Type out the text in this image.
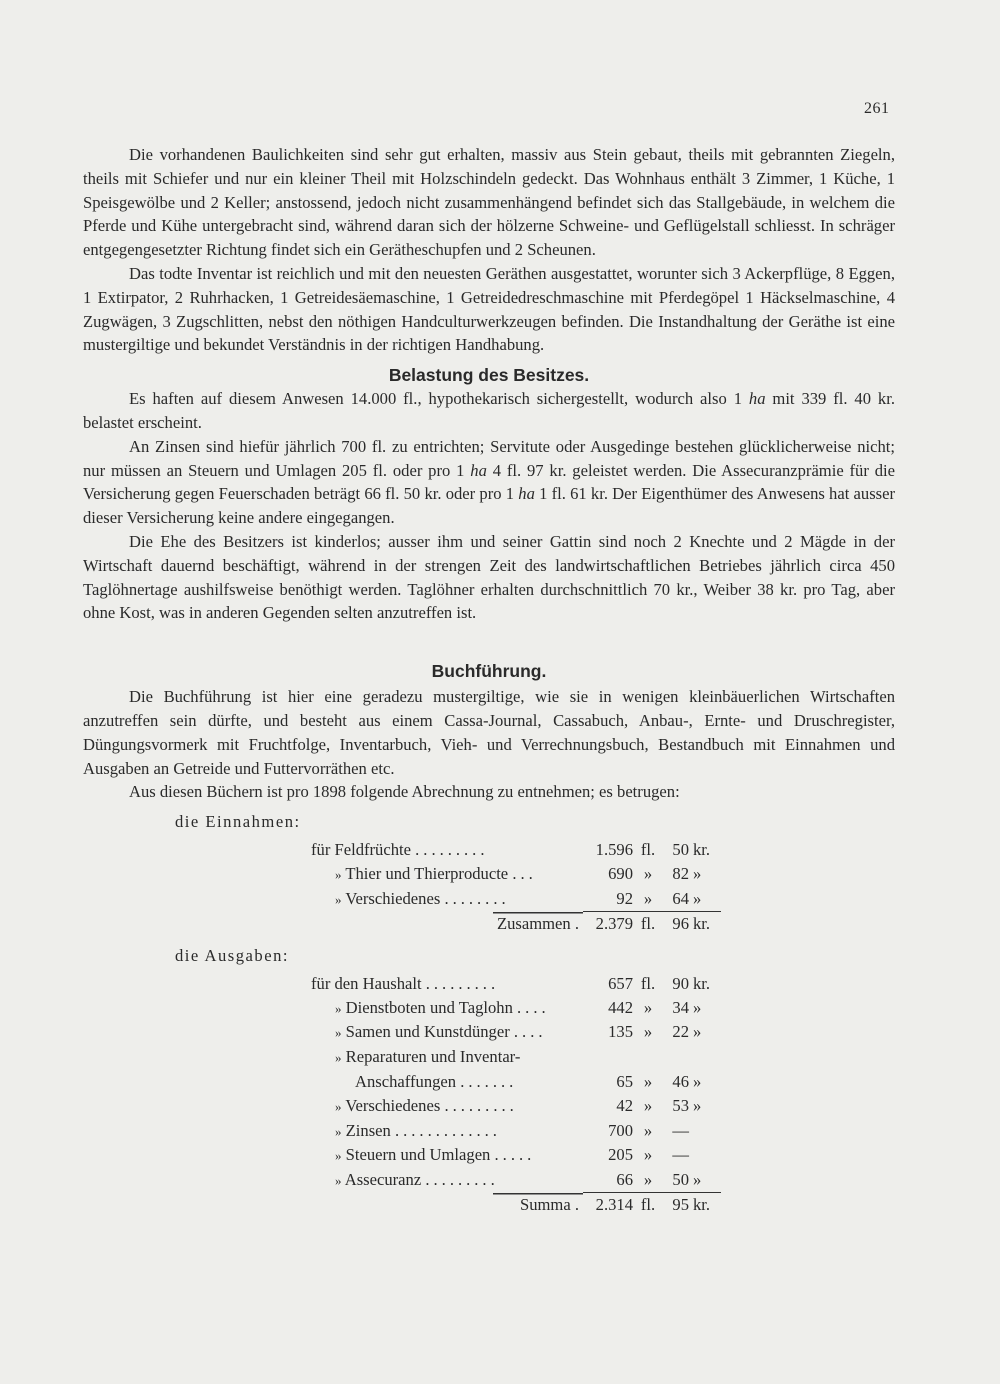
261

Die vorhandenen Baulichkeiten sind sehr gut erhalten, massiv aus Stein gebaut, theils mit gebrannten Ziegeln, theils mit Schiefer und nur ein kleiner Theil mit Holzschindeln gedeckt. Das Wohnhaus enthält 3 Zimmer, 1 Küche, 1 Speisgewölbe und 2 Keller; anstossend, jedoch nicht zusammenhängend befindet sich das Stallgebäude, in welchem die Pferde und Kühe untergebracht sind, während daran sich der hölzerne Schweine- und Geflügelstall schliesst. In schräger entgegengesetzter Richtung findet sich ein Gerätheschupfen und 2 Scheunen.

Das todte Inventar ist reichlich und mit den neuesten Geräthen ausgestattet, worunter sich 3 Ackerpflüge, 8 Eggen, 1 Extirpator, 2 Ruhrhacken, 1 Getreidesäemaschine, 1 Getreidedreschmaschine mit Pferdegöpel 1 Häckselmaschine, 4 Zugwägen, 3 Zugschlitten, nebst den nöthigen Handculturwerkzeugen befinden. Die Instandhaltung der Geräthe ist eine mustergiltige und bekundet Verständnis in der richtigen Handhabung.

Belastung des Besitzes.

Es haften auf diesem Anwesen 14.000 fl., hypothekarisch sichergestellt, wodurch also 1 ha mit 339 fl. 40 kr. belastet erscheint.

An Zinsen sind hiefür jährlich 700 fl. zu entrichten; Servitute oder Ausgedinge bestehen glücklicherweise nicht; nur müssen an Steuern und Umlagen 205 fl. oder pro 1 ha 4 fl. 97 kr. geleistet werden. Die Assecuranzprämie für die Versicherung gegen Feuerschaden beträgt 66 fl. 50 kr. oder pro 1 ha 1 fl. 61 kr. Der Eigenthümer des Anwesens hat ausser dieser Versicherung keine andere eingegangen.

Die Ehe des Besitzers ist kinderlos; ausser ihm und seiner Gattin sind noch 2 Knechte und 2 Mägde in der Wirtschaft dauernd beschäftigt, während in der strengen Zeit des landwirtschaftlichen Betriebes jährlich circa 450 Taglöhnertage aushilfsweise benöthigt werden. Taglöhner erhalten durchschnittlich 70 kr., Weiber 38 kr. pro Tag, aber ohne Kost, was in anderen Gegenden selten anzutreffen ist.

Buchführung.

Die Buchführung ist hier eine geradezu mustergiltige, wie sie in wenigen kleinbäuerlichen Wirtschaften anzutreffen sein dürfte, und besteht aus einem Cassa-Journal, Cassabuch, Anbau-, Ernte- und Druschregister, Düngungsvormerk mit Fruchtfolge, Inventarbuch, Vieh- und Verrechnungsbuch, Bestandbuch mit Einnahmen und Ausgaben an Getreide und Futtervorräthen etc.

Aus diesen Büchern ist pro 1898 folgende Abrechnung zu entnehmen; es betrugen:

die Einnahmen:
für Feldfrüchte .........	1.596	fl.	50	kr.
» Thier und Thierproducte ...	690	»	82	»
» Verschiedenes ........	92	»	64	»
Zusammen .	2.379	fl.	96	kr.
die Ausgaben:
für den Haushalt .........	657	fl.	90	kr.
» Dienstboten und Taglohn ....	442	»	34	»
» Samen und Kunstdünger ....	135	»	22	»
» Reparaturen und Inventar-				
Anschaffungen .......	65	»	46	»
» Verschiedenes .........	42	»	53	»
» Zinsen .............	700	»	—	
» Steuern und Umlagen .....	205	»	—	
» Assecuranz .........	66	»	50	»
Summa .	2.314	fl.	95	kr.
